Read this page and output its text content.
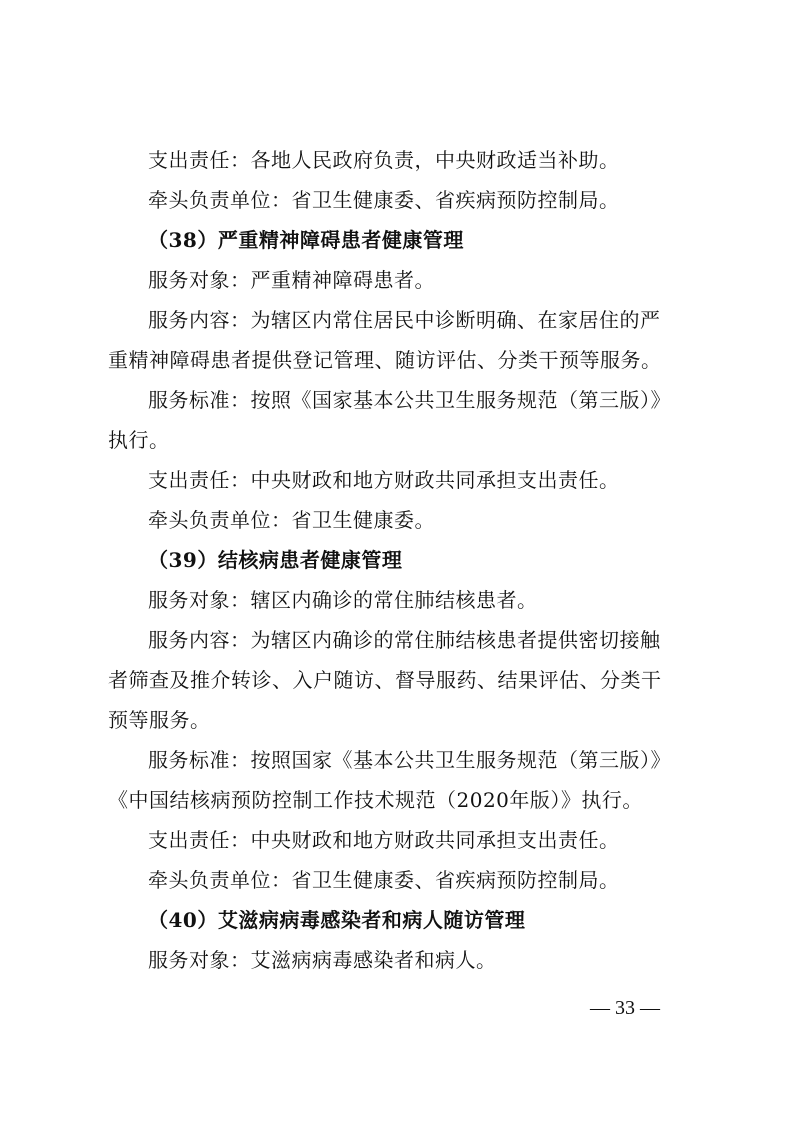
支出责任：各地人民政府负责，中央财政适当补助。
牵头负责单位：省卫生健康委、省疾病预防控制局。
（38）严重精神障碍患者健康管理
服务对象：严重精神障碍患者。
服务内容：为辖区内常住居民中诊断明确、在家居住的严
重精神障碍患者提供登记管理、随访评估、分类干预等服务。
服务标准：按照《国家基本公共卫生服务规范（第三版）》
执行。
支出责任：中央财政和地方财政共同承担支出责任。
牵头负责单位：省卫生健康委。
（39）结核病患者健康管理
服务对象：辖区内确诊的常住肺结核患者。
服务内容：为辖区内确诊的常住肺结核患者提供密切接触
者筛查及推介转诊、入户随访、督导服药、结果评估、分类干
预等服务。
服务标准：按照国家《基本公共卫生服务规范（第三版）》
《中国结核病预防控制工作技术规范（2020年版）》执行。
支出责任：中央财政和地方财政共同承担支出责任。
牵头负责单位：省卫生健康委、省疾病预防控制局。
（40）艾滋病病毒感染者和病人随访管理
服务对象：艾滋病病毒感染者和病人。
— 33 —
